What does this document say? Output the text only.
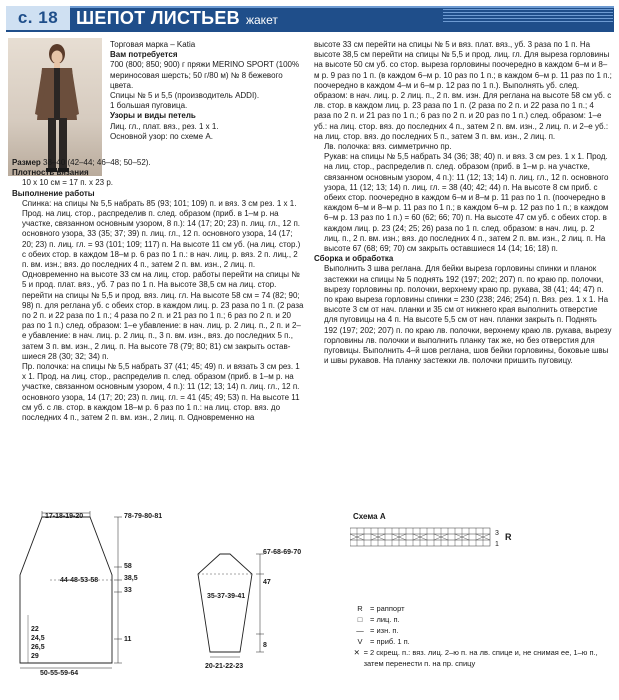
с. 18 ШЕПОТ ЛИСТЬЕВ жакет

Торговая марка – Katia

Вам потребуется

700 (800; 850; 900) г пряжи MERINO SPORT (100% мериносовая шерсть; 50 г/80 м) № 8 бежевого цвета.

Спицы № 5 и 5,5 (производитель ADDI).

1 большая пуговица.

Узоры и виды петель

Лиц. гл., плат. вяз., рез. 1 х 1.

Основной узор: по схеме А.

Размер 38–40 (42–44; 46–48; 50–52).

Плотность вязания

10 х 10 см = 17 п. х 23 р.

Выполнение работы

Спинка: на спицы № 5,5 набрать 85 (93; 101; 109) п. и вяз. 3 см рез. 1 х 1. Прод. на лиц. стор., распределив п. след. образом (приб. в 1–м р. на участке, связанном основным узором, 8 п.): 14 (17; 20; 23) п. лиц. гл., 12 п. основного узора, 33 (35; 37; 39) п. лиц. гл., 12 п. основного узора, 14 (17; 20; 23) п. лиц. гл. = 93 (101; 109; 117) п. На высоте 11 см уб. (на лиц. стор.) с обеих стор. в каждом 18–м р. 6 раз по 1 п.: в нач. лиц. р. вяз. 2 п. лиц., 2 п. вм. изн.; вяз. до последних 4 п., затем 2 п. вм. изн., 2 лиц. п. Одновременно на высоте 33 см на лиц. стор. работы перейти на спицы № 5 и прод. плат. вяз., уб. 7 раз по 1 п. На высоте 38,5 см на лиц. стор. перейти на спицы № 5,5 и прод. вяз. лиц. гл. На высоте 58 см = 74 (82; 90; 98) п. для реглана уб. с обеих стор. в каждом лиц. р. 23 раза по 1 п. (2 раза по 2 п. и 22 раза по 1 п.; 4 раза по 2 п. и 21 раз по 1 п.; 6 раз по 2 п. и 20 раз по 1 п.) след. образом: 1–е убавление: в нач. лиц. р. 2 лиц. п., 2 п. и 2–е убавление: в нач. лиц. р. 2 лиц. п., 3 п. вм. изн., вяз. до последних 5 п., затем 3 п. вм. изн., 2 лиц. п. На высоте 78 (79; 80; 81) см закрыть оставшиеся 28 (30; 32; 34) п.

Пр. полочка: на спицы № 5,5 набрать 37 (41; 45; 49) п. и вязать 3 см рез. 1 х 1. Прод. на лиц. стор., распределив п. след. образом (приб. в 1–м р. на участке, связанном основным узором, 4 п.): 11 (12; 13; 14) п. лиц. гл., 12 п. основного узора, 14 (17; 20; 23) п. лиц. гл. = 41 (45; 49; 53) п. На высоте 11 см уб. с лв. стор. в каждом 18–м р. 6 раз по 1 п.: на лиц. стор. вяз. до последних 4 п., затем 2 п. вм. изн., 2 лиц. п. Одновременно на

высоте 33 см перейти на спицы № 5 и вяз. плат. вяз., уб. 3 раза по 1 п. На высоте 38,5 см перейти на спицы № 5,5 и прод. лиц. гл. Для выреза горловины на высоте 50 см уб. со стор. выреза горловины поочередно в каждом 6–м и 8–м р. 9 раз по 1 п. (в каждом 6–м р. 10 раз по 1 п.; в каждом 6–м р. 11 раз по 1 п.; поочередно в каждом 4–м и 6–м р. 12 раз по 1 п.). Выполнять уб. след. образом: в нач. лиц. р. 2 лиц. п., 2 п. вм. изн. Для реглана на высоте 58 см уб. с лв. стор. в каждом лиц. р. 23 раза по 1 п. (2 раза по 2 п. и 22 раза по 1 п.; 4 раза по 2 п. и 21 раз по 1 п.; 6 раз по 2 п. и 20 раз по 1 п.) след. образом: 1–е уб.: на лиц. стор. вяз. до последних 4 п., затем 2 п. вм. изн., 2 лиц. п. и 2–е уб.: на лиц. стор. вяз. до последних 5 п., затем 3 п. вм. изн., 2 лиц. п.

Лв. полочка: вяз. симметрично пр.

Рукав: на спицы № 5,5 набрать 34 (36; 38; 40) п. и вяз. 3 см рез. 1 х 1. Прод. на лиц. стор., распределив п. след. образом (приб. в 1–м р. на участке, связанном основным узором, 4 п.): 11 (12; 13; 14) п. лиц. гл., 12 п. основного узора, 11 (12; 13; 14) п. лиц. гл. = 38 (40; 42; 44) п. На высоте 8 см приб. с обеих стор. поочередно в каждом 6–м и 8–м р. 11 раз по 1 п. (поочередно в каждом 6–м и 8–м р. 11 раз по 1 п.; в каждом 6–м р. 12 раз по 1 п.; в каждом 6–м р. 13 раз по 1 п.) = 60 (62; 66; 70) п. На высоте 47 см уб. с обеих стор. в каждом лиц. р. 23 (24; 25; 26) раза по 1 п. след. образом: в нач. лиц. р. 2 лиц. п., 2 п. вм. изн.; вяз. до последних 4 п., затем 2 п. вм. изн., 2 лиц. п. На высоте 67 (68; 69; 70) см закрыть оставшиеся 14 (14; 16; 18) п.

Сборка и обработка

Выполнить 3 шва реглана. Для бейки выреза горловины спинки и планок застежки на спицы № 5 поднять 192 (197; 202; 207) п. по краю пр. полочки, вырезу горловины пр. полочки, верхнему краю пр. рукава, 38 (41; 44; 47) п. по краю выреза горловины спинки = 230 (238; 246; 254) п. Вяз. рез. 1 х 1. На высоте 3 см от нач. планки и 35 см от нижнего края выполнить отверстие для пуговицы на 4 п. На высоте 5,5 см от нач. планки закрыть п. Поднять 192 (197; 202; 207) п. по краю лв. полочки, верхнему краю лв. рукава, вырезу горловины лв. полочки и выполнить планку так же, но без отверстия для пуговицы. Выполнить 4–й шов реглана, шов бейки горловины, боковые швы и швы рукавов. На планку застежки лв. полочки пришить пуговицу.

17-18-19-20	78-79-80-81
58
38,5
33
11
44-48-53-58
50-55-59-64
22
24,5
26,5
29
67-68-69-70
35-37-39-41
47
8
20-21-22-23
Схема А
3
1
R
R = раппорт
□	= лиц. п.
— = изн. п.
V	= приб. 1 п.
✕ = 2 скрещ. п.: вяз. лиц. 2–ю п. на лв. спице и, не снимая ее, 1–ю п., затем перенести п. на пр. спицу
